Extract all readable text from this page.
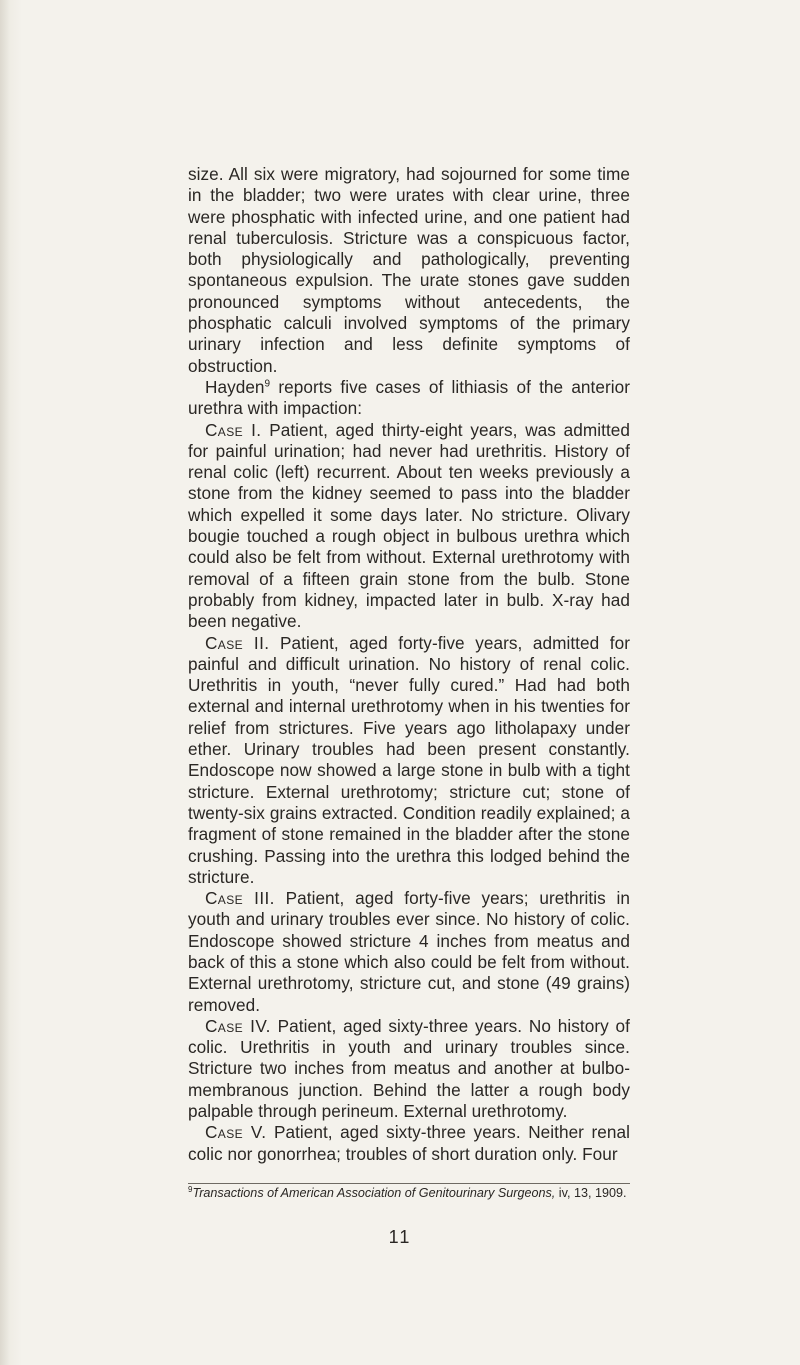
size. All six were migratory, had sojourned for some time in the bladder; two were urates with clear urine, three were phosphatic with infected urine, and one patient had renal tuberculosis. Stricture was a conspicuous factor, both physiologically and pathologically, preventing spontaneous expulsion. The urate stones gave sudden pronounced symptoms without antecedents, the phosphatic calculi involved symptoms of the primary urinary infection and less definite symptoms of obstruction.

Hayden$^9$ reports five cases of lithiasis of the anterior urethra with impaction:

Case I. Patient, aged thirty-eight years, was admitted for painful urination; had never had urethritis. History of renal colic (left) recurrent. About ten weeks previously a stone from the kidney seemed to pass into the bladder which expelled it some days later. No stricture. Olivary bougie touched a rough object in bulbous urethra which could also be felt from without. External urethrotomy with removal of a fifteen grain stone from the bulb. Stone probably from kidney, impacted later in bulb. X-ray had been negative.

Case II. Patient, aged forty-five years, admitted for painful and difficult urination. No history of renal colic. Urethritis in youth, “never fully cured.” Had had both external and internal urethrotomy when in his twenties for relief from strictures. Five years ago litholapaxy under ether. Urinary troubles had been present constantly. Endoscope now showed a large stone in bulb with a tight stricture. External urethrotomy; stricture cut; stone of twenty-six grains extracted. Condition readily explained; a fragment of stone remained in the bladder after the stone crushing. Passing into the urethra this lodged behind the stricture.

Case III. Patient, aged forty-five years; urethritis in youth and urinary troubles ever since. No history of colic. Endoscope showed stricture 4 inches from meatus and back of this a stone which also could be felt from without. External urethrotomy, stricture cut, and stone (49 grains) removed.

Case IV. Patient, aged sixty-three years. No history of colic. Urethritis in youth and urinary troubles since. Stricture two inches from meatus and another at bulbo-membranous junction. Behind the latter a rough body palpable through perineum. External urethrotomy.

Case V. Patient, aged sixty-three years. Neither renal colic nor gonorrhea; troubles of short duration only. Four

$^9$Transactions of American Association of Genitourinary Surgeons, iv, 13, 1909.
11
